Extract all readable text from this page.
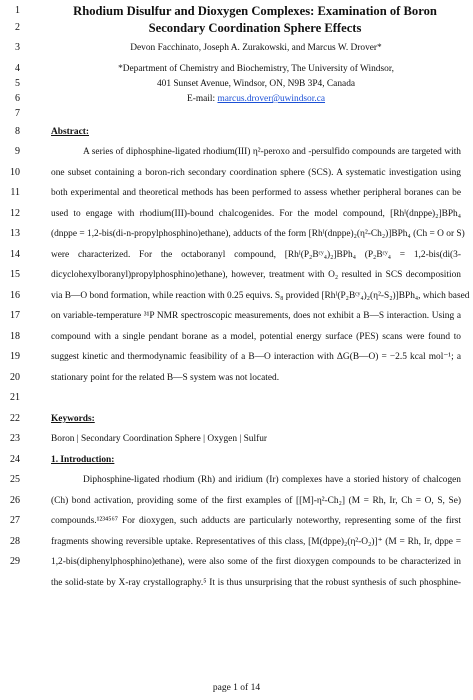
1
2
3
4
5
6
7
8
9
10
11
12
13
14
15
16
17
18
19
20
21
22
23
24
25
26
27
28
29
Rhodium Disulfur and Dioxygen Complexes: Examination of Boron
Secondary Coordination Sphere Effects
Devon Facchinato, Joseph A. Zurakowski, and Marcus W. Drover*
*Department of Chemistry and Biochemistry, The University of Windsor,
401 Sunset Avenue, Windsor, ON, N9B 3P4, Canada
E-mail: marcus.drover@uwindsor.ca
Abstract:
A series of diphosphine-ligated rhodium(III) η²-peroxo and -persulfido compounds are targeted with
one subset containing a boron-rich secondary coordination sphere (SCS). A systematic investigation using
both experimental and theoretical methods has been performed to assess whether peripheral boranes can be
used to engage with rhodium(III)-bound chalcogenides. For the model compound, [Rhᴵ(dnppe)₂]BPh₄
(dnppe = 1,2-bis(di-n-propylphosphino)ethane), adducts of the form [Rhᴵ(dnppe)₂(η²-Ch₂)]BPh₄ (Ch = O or S)
were characterized. For the octaboranyl compound, [Rhᴵ(P₂Bᶜʸ₄)₂]BPh₄ (P₂Bᶜʸ₄ = 1,2-bis(di(3-
dicyclohexylboranyl)propylphosphino)ethane), however, treatment with O₂ resulted in SCS decomposition
via B—O bond formation, while reaction with 0.25 equivs. S₈ provided [Rhᴵ(P₂Bᶜʸ₄)₂(η²-S₂)]BPh₄, which based
on variable-temperature ³¹P NMR spectroscopic measurements, does not exhibit a B—S interaction. Using a
compound with a single pendant borane as a model, potential energy surface (PES) scans were found to
suggest kinetic and thermodynamic feasibility of a B—O interaction with ΔG(B—O) = −2.5 kcal mol⁻¹; a
stationary point for the related B—S system was not located.
Keywords:
Boron | Secondary Coordination Sphere | Oxygen | Sulfur
1. Introduction:
Diphosphine-ligated rhodium (Rh) and iridium (Ir) complexes have a storied history of chalcogen
(Ch) bond activation, providing some of the first examples of [[M]-η²-Ch₂] (M = Rh, Ir, Ch = O, S, Se)
compounds.¹²³⁴⁵⁶⁷ For dioxygen, such adducts are particularly noteworthy, representing some of the first
fragments showing reversible uptake. Representatives of this class, [M(dppe)₂(η²-O₂)]⁺ (M = Rh, Ir, dppe =
1,2-bis(diphenylphosphino)ethane), were also some of the first dioxygen compounds to be characterized in
the solid-state by X-ray crystallography.⁵ It is thus unsurprising that the robust synthesis of such phosphine-
page 1 of 14
